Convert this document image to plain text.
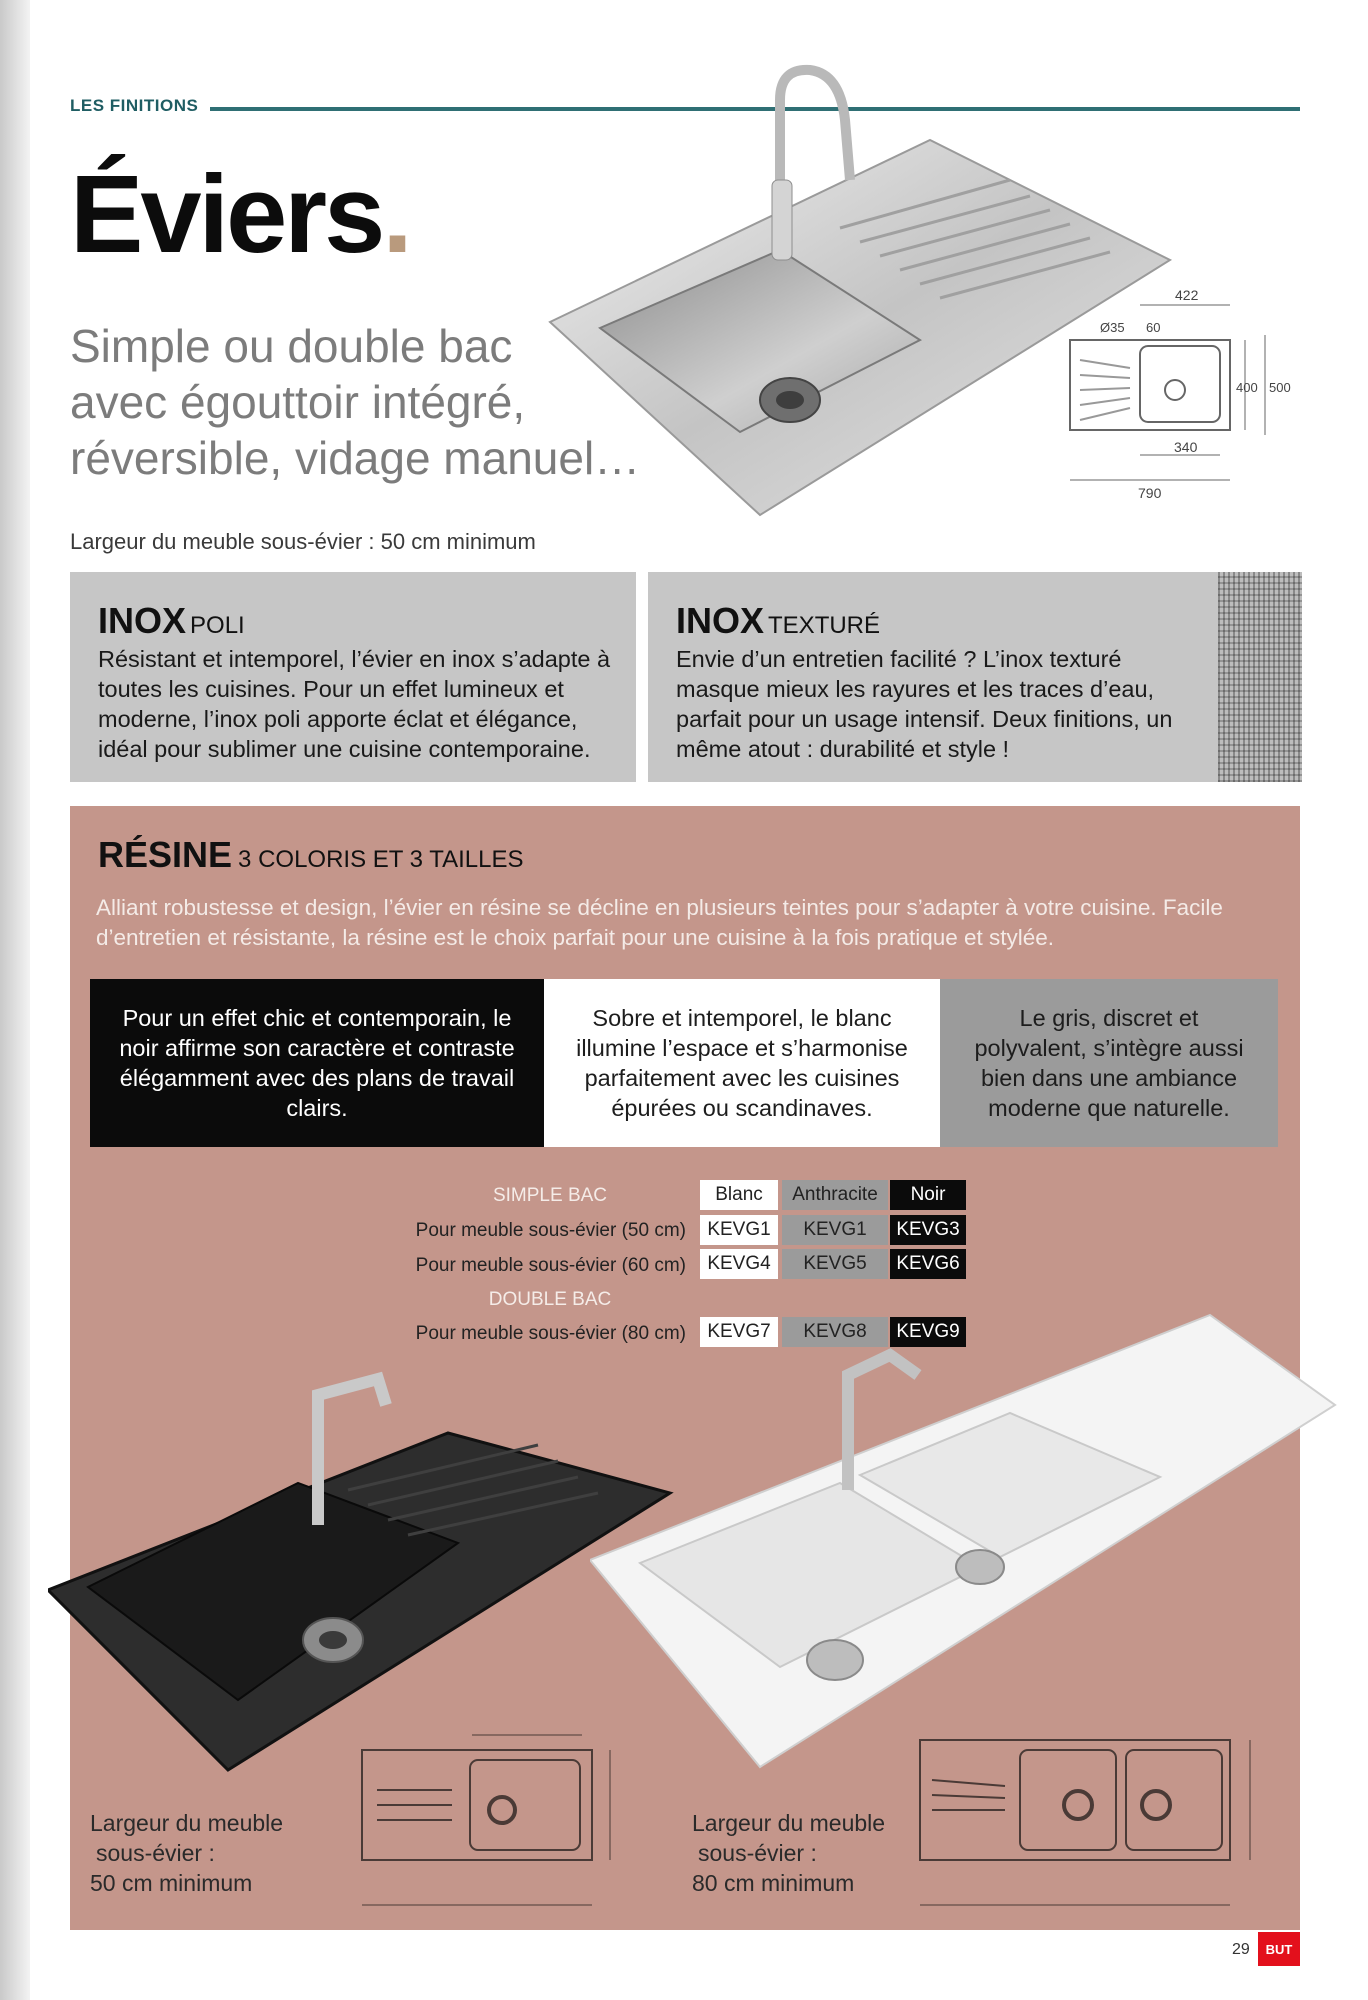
LES FINITIONS
Éviers.
Simple ou double bac
avec égouttoir intégré,
réversible, vidage manuel…
Largeur du meuble sous-évier : 50 cm minimum
422
Ø35 60
400 500
340
790
INOX POLI
Résistant et intemporel, l’évier en inox s’adapte à toutes les cuisines. Pour un effet lumineux et moderne, l’inox poli apporte éclat et élégance, idéal pour sublimer une cuisine contemporaine.
INOX TEXTURÉ
Envie d’un entretien facilité ? L’inox texturé masque mieux les rayures et les traces d’eau, parfait pour un usage intensif. Deux finitions, un même atout : durabilité et style !
RÉSINE 3 COLORIS ET 3 TAILLES
Alliant robustesse et design, l’évier en résine se décline en plusieurs teintes pour s’adapter à votre cuisine. Facile d’entretien et résistante, la résine est le choix parfait pour une cuisine à la fois pratique et stylée.
Pour un effet chic et contemporain, le noir affirme son caractère et contraste élégamment avec des plans de travail clairs.
Sobre et intemporel, le blanc illumine l’espace et s’harmonise parfaitement avec les cuisines épurées ou scandinaves.
Le gris, discret et polyvalent, s’intègre aussi bien dans une ambiance moderne que naturelle.
Blanc	Anthracite	Noir
SIMPLE BAC
Pour meuble sous-évier (50 cm)	KEVG1	KEVG1	KEVG3
Pour meuble sous-évier (60 cm)	KEVG4	KEVG5	KEVG6
DOUBLE BAC
Pour meuble sous-évier (80 cm)	KEVG7	KEVG8	KEVG9
Largeur du meuble
sous-évier :
50 cm minimum
Largeur du meuble
sous-évier :
80 cm minimum
29	BUT
